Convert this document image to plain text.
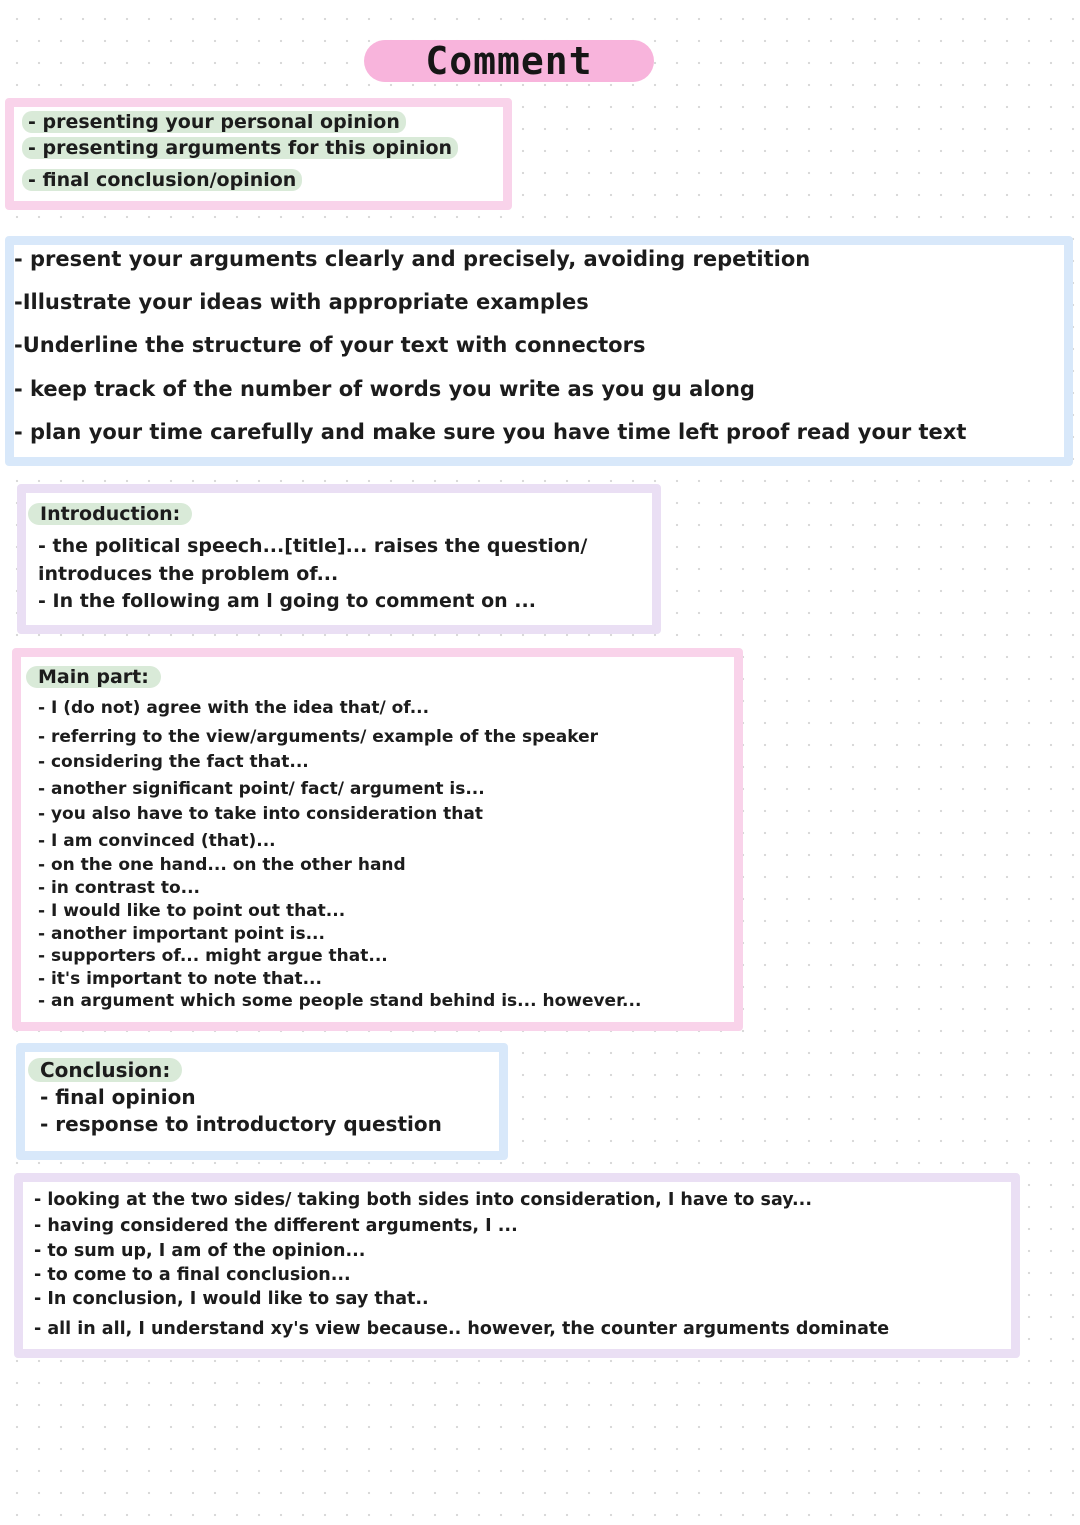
Comment
- presenting your personal opinion
- presenting arguments for this opinion
- final conclusion/opinion
- present your arguments clearly and precisely, avoiding repetition
-Illustrate your ideas with appropriate examples
-Underline the structure of your text with connectors
- keep track of the number of words you write as you gu along
- plan your time carefully and make sure you have time left proof read your text
Introduction:
- the political speech...[title]... raises the question/
introduces the problem of...
- In the following am l going to comment on ...
Main part:
- I (do not) agree with the idea that/ of...
- referring to the view/arguments/ example of the speaker
- considering the fact that...
- another significant point/ fact/ argument is...
- you also have to take into consideration that
- I am convinced (that)...
- on the one hand... on the other hand
- in contrast to...
- I would like to point out that...
- another important point is...
- supporters of... might argue that...
- it's important to note that...
- an argument which some people stand behind is... however...
Conclusion:
- final opinion
- response to introductory question
- looking at the two sides/ taking both sides into consideration, I have to say...
- having considered the different arguments, I ...
- to sum up, I am of the opinion...
- to come to a final conclusion...
- In conclusion, I would like to say that..
- all in all, I understand xy's view because.. however, the counter arguments dominate
